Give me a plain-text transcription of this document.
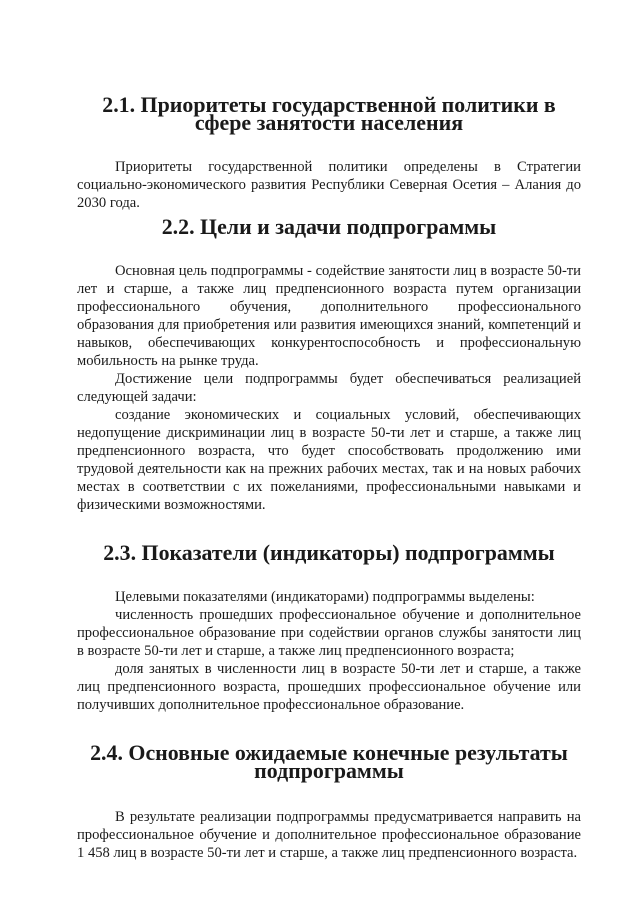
2.1. Приоритеты государственной политики в сфере занятости населения

Приоритеты государственной политики определены в Стратегии социально-экономического развития Республики Северная Осетия – Алания до 2030 года.

2.2. Цели и задачи подпрограммы

Основная цель подпрограммы - содействие занятости лиц в возрасте 50-ти лет и старше, а также лиц предпенсионного возраста путем организации профессионального обучения, дополнительного профессионального образования для приобретения или развития имеющихся знаний, компетенций и навыков, обеспечивающих конкурентоспособность и профессиональную мобильность на рынке труда.

Достижение цели подпрограммы будет обеспечиваться реализацией следующей задачи:

создание экономических и социальных условий, обеспечивающих недопущение дискриминации лиц в возрасте 50-ти лет и старше, а также лиц предпенсионного возраста, что будет способствовать продолжению ими трудовой деятельности как на прежних рабочих местах, так и на новых рабочих местах в соответствии с их пожеланиями, профессиональными навыками и физическими возможностями.

2.3. Показатели (индикаторы) подпрограммы

Целевыми показателями (индикаторами) подпрограммы выделены:

численность прошедших профессиональное обучение и дополнительное профессиональное образование при содействии органов службы занятости лиц в возрасте 50-ти лет и старше, а также лиц предпенсионного возраста;

доля занятых в численности лиц в возрасте 50-ти лет и старше, а также лиц предпенсионного возраста, прошедших профессиональное обучение или получивших дополнительное профессиональное образование.

2.4. Основные ожидаемые конечные результаты подпрограммы

В результате реализации подпрограммы предусматривается направить на профессиональное обучение и дополнительное профессиональное образование 1 458 лиц в возрасте 50-ти лет и старше, а также лиц предпенсионного возраста.
